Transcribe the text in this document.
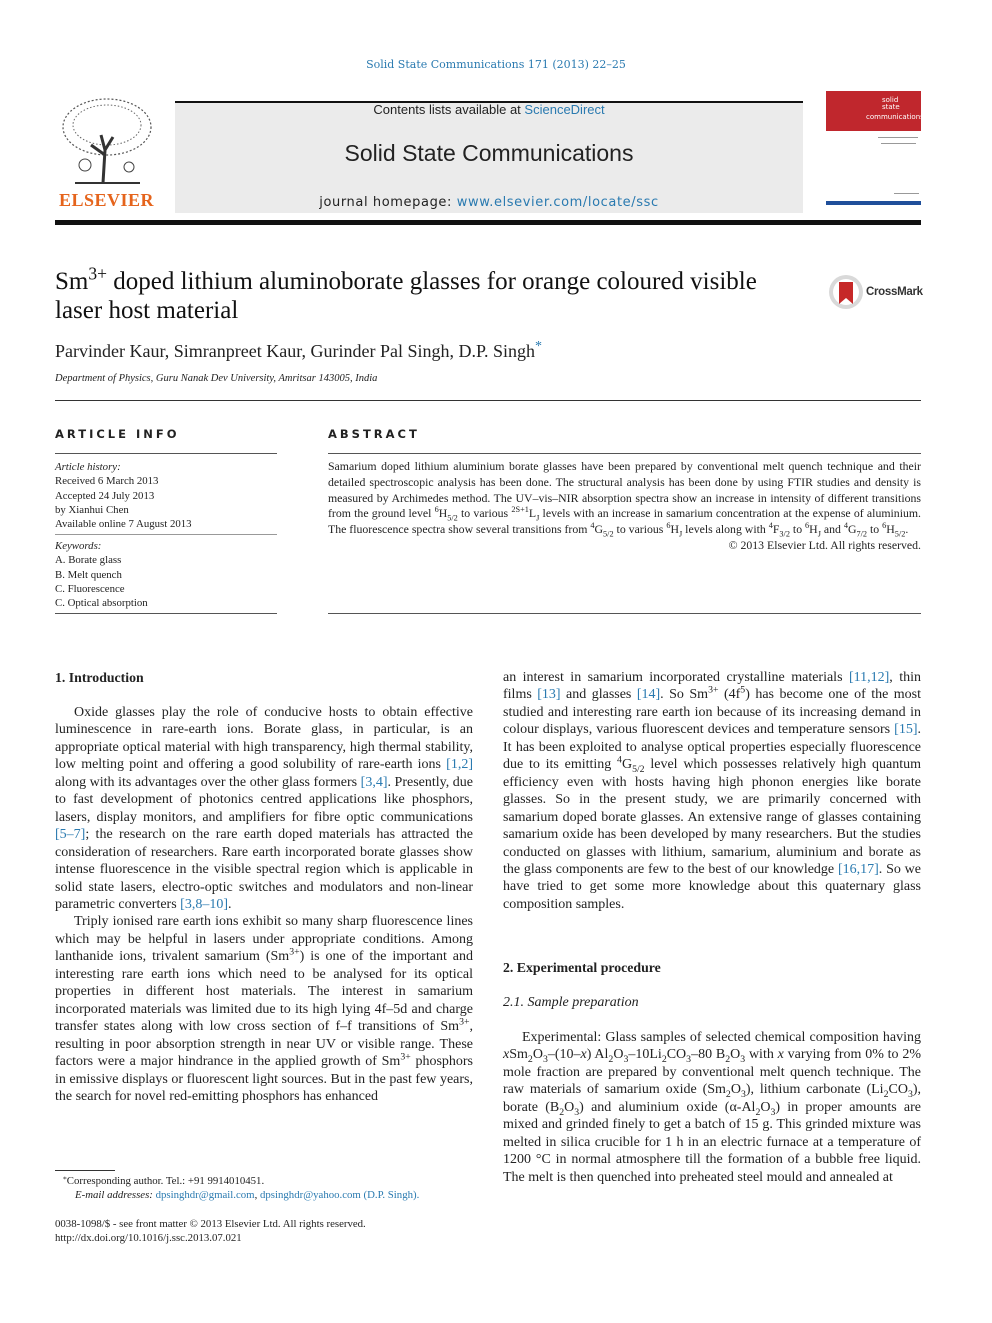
Solid State Communications 171 (2013) 22–25
ELSEVIER
Contents lists available at ScienceDirect
Solid State Communications
journal homepage: www.elsevier.com/locate/ssc
solid
state
communications
$Sm^{3+}$ doped lithium aluminoborate glasses for orange coloured visible
laser host material
CrossMark
Parvinder Kaur, Simranpreet Kaur, Gurinder Pal Singh, D.P. Singh*
Department of Physics, Guru Nanak Dev University, Amritsar 143005, India
ARTICLE INFO
Article history:
Received 6 March 2013
Accepted 24 July 2013
by Xianhui Chen
Available online 7 August 2013
Keywords:
A. Borate glass
B. Melt quench
C. Fluorescence
C. Optical absorption
ABSTRACT
Samarium doped lithium aluminium borate glasses have been prepared by conventional melt quench technique and their detailed spectroscopic analysis has been done. The structural analysis has been done by using FTIR studies and density is measured by Archimedes method. The UV–vis–NIR absorption spectra show an increase in intensity of different transitions from the ground level $^6H_{5/2}$ to various $^{2S+1}L_J$ levels with an increase in samarium concentration at the expense of aluminium. The fluorescence spectra show several transitions from $^4G_{5/2}$ to various $^6H_J$ levels along with $^4F_{3/2}$ to $^6H_J$ and $^4G_{7/2}$ to $^6H_{5/2}$.
© 2013 Elsevier Ltd. All rights reserved.
1. Introduction

Oxide glasses play the role of conducive hosts to obtain effective luminescence in rare-earth ions. Borate glass, in particular, is an appropriate optical material with high transparency, high thermal stability, low melting point and offering a good solubility of rare-earth ions [1,2] along with its advantages over the other glass formers [3,4]. Presently, due to fast development of photonics centred applications like phosphors, lasers, display monitors, and amplifiers for fibre optic communications [5–7]; the research on the rare earth doped materials has attracted the consideration of researchers. Rare earth incorporated borate glasses show intense fluorescence in the visible spectral region which is applicable in solid state lasers, electro-optic switches and modulators and non-linear parametric converters [3,8–10].

Triply ionised rare earth ions exhibit so many sharp fluorescence lines which may be helpful in lasers under appropriate conditions. Among lanthanide ions, trivalent samarium $(Sm^{3+})$ is one of the important and interesting rare earth ions which need to be analysed for its optical properties in different host materials. The interest in samarium incorporated materials was limited due to its high lying 4f–5d and charge transfer states along with low cross section of f–f transitions of $Sm^{3+}$, resulting in poor absorption strength in near UV or visible range. These factors were a major hindrance in the applied growth of $Sm^{3+}$ phosphors in emissive displays or fluorescent light sources. But in the past few years, the search for novel red-emitting phosphors has enhanced

⁎Corresponding author. Tel.: +91 9914010451.
E-mail addresses: dpsinghdr@gmail.com, dpsinghdr@yahoo.com (D.P. Singh).
0038-1098/$ - see front matter © 2013 Elsevier Ltd. All rights reserved.
http://dx.doi.org/10.1016/j.ssc.2013.07.021

an interest in samarium incorporated crystalline materials [11,12], thin films [13] and glasses [14]. So $Sm^{3+}$ $(4f^5)$ has become one of the most studied and interesting rare earth ion because of its increasing demand in colour displays, various fluorescent devices and temperature sensors [15]. It has been exploited to analyse optical properties especially fluorescence due to its emitting $^4G_{5/2}$ level which possesses relatively high quantum efficiency even with hosts having high phonon energies like borate glasses. So in the present study, we are primarily concerned with samarium doped borate glasses. An extensive range of glasses containing samarium oxide has been developed by many researchers. But the studies conducted on glasses with lithium, samarium, aluminium and borate as the glass components are few to the best of our knowledge [16,17]. So we have tried to get some more knowledge about this quaternary glass composition samples.

2. Experimental procedure
2.1. Sample preparation

Experimental: Glass samples of selected chemical composition having $xSm_2O_3-(10-x)$ $Al_2O_3-10Li_2CO_3-80$ $B_2O_3$ with x varying from 0% to 2% mole fraction are prepared by conventional melt quench technique. The raw materials of samarium oxide $(Sm_2O_3)$, lithium carbonate $(Li_2CO_3)$, borate $(B_2O_3)$ and aluminium oxide $(\alpha-Al_2O_3)$ in proper amounts are mixed and grinded finely to get a batch of 15 g. This grinded mixture was melted in silica crucible for 1 h in an electric furnace at a temperature of 1200 °C in normal atmosphere till the formation of a bubble free liquid. The melt is then quenched into preheated steel mould and annealed at
